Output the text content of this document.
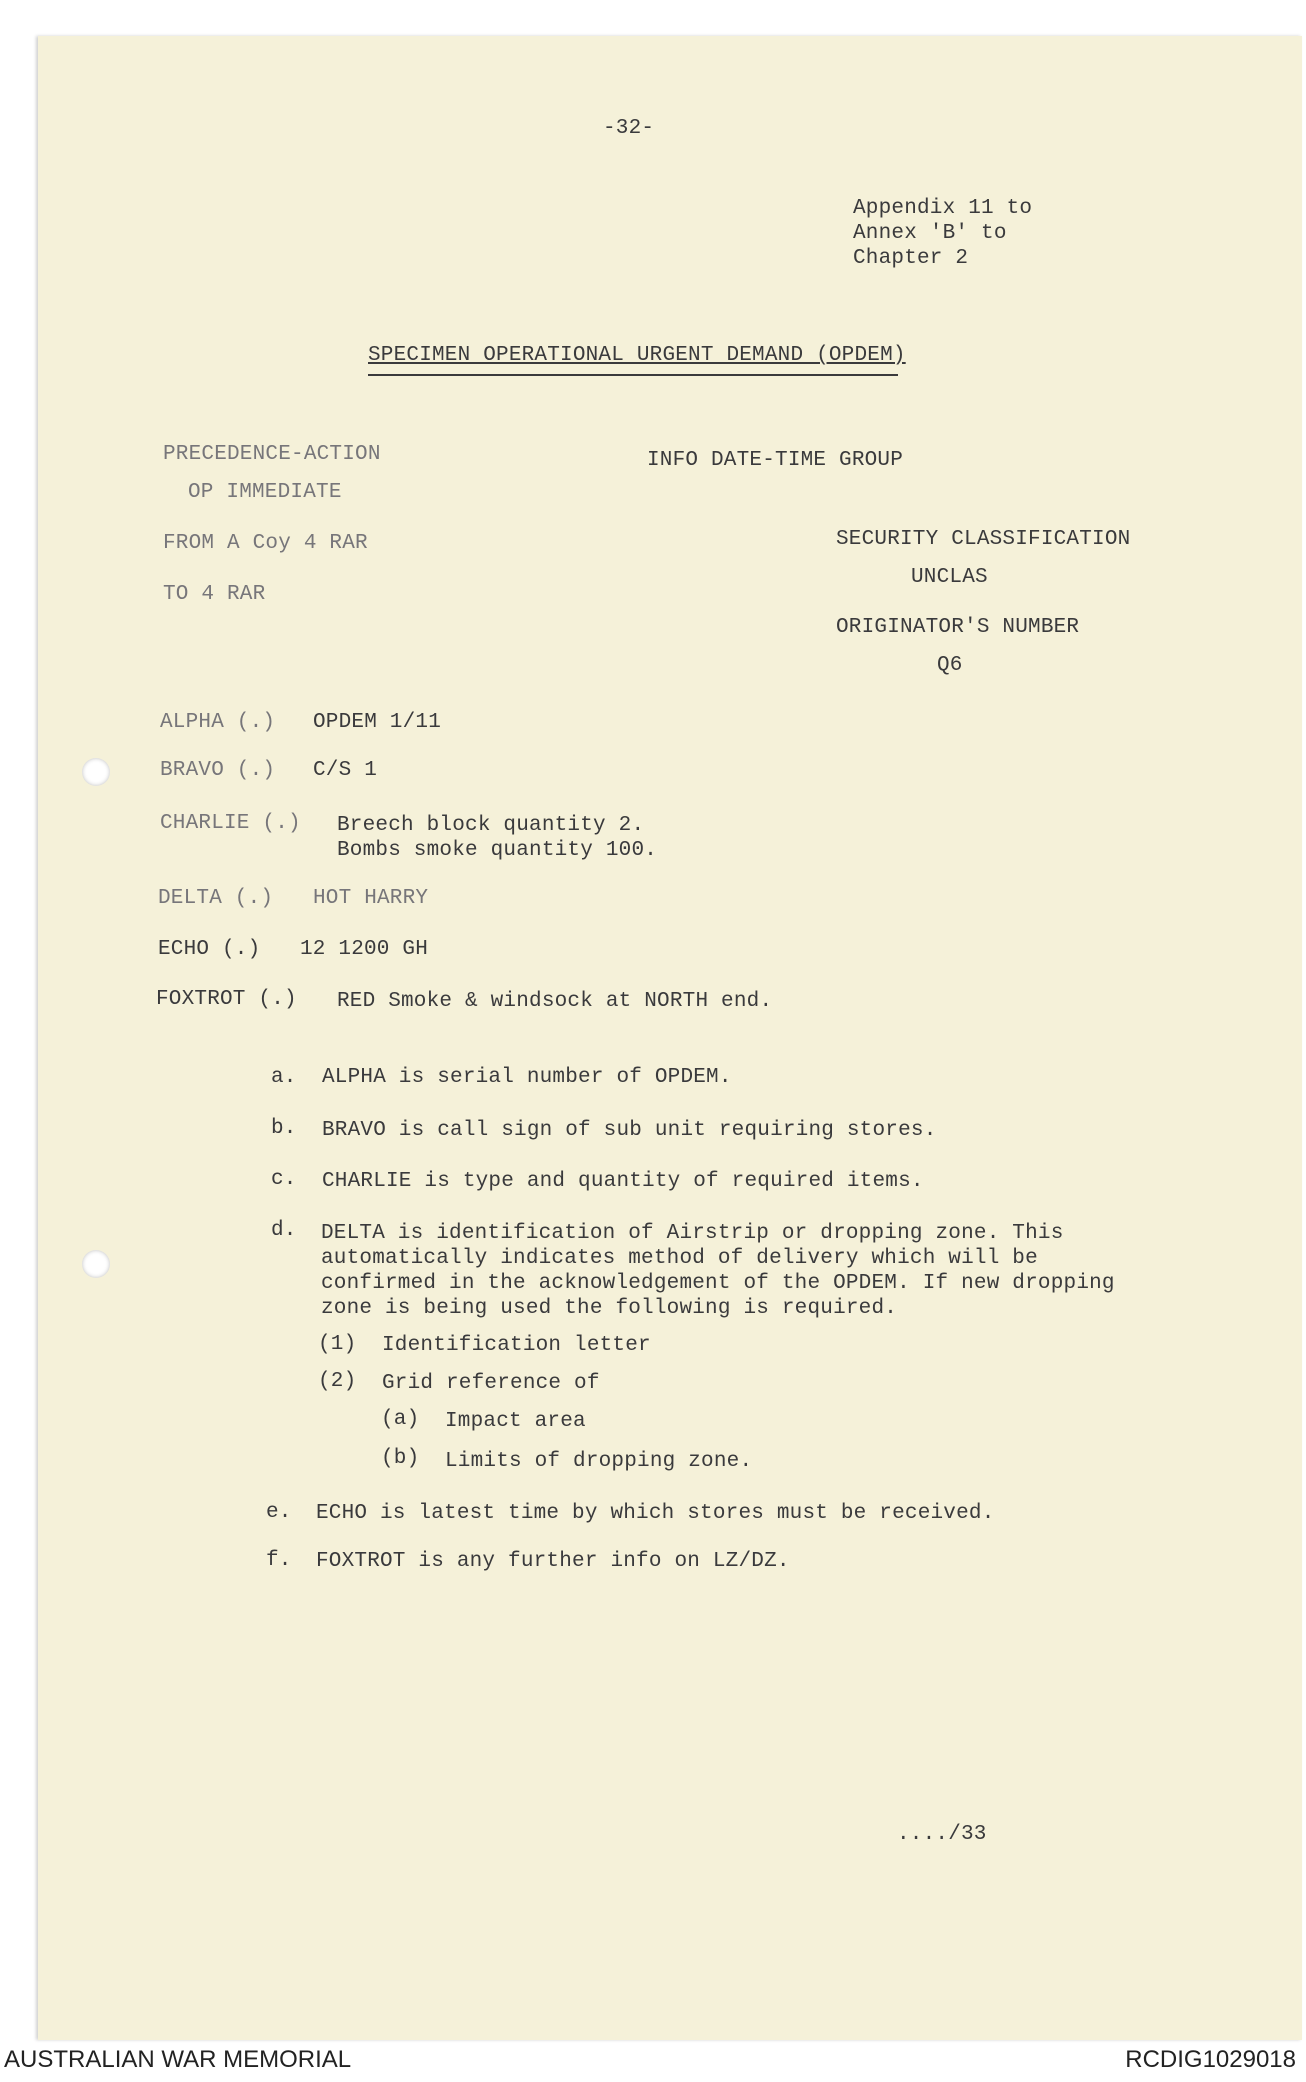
-32-
Appendix 11 to
Annex 'B' to
Chapter 2
SPECIMEN OPERATIONAL URGENT DEMAND (OPDEM)
PRECEDENCE-ACTION
OP IMMEDIATE
FROM A Coy 4 RAR
TO 4 RAR
INFO DATE-TIME GROUP
SECURITY CLASSIFICATION
UNCLAS
ORIGINATOR'S NUMBER
Q6
ALPHA (.) OPDEM 1/11
BRAVO (.) C/S 1
CHARLIE (.) Breech block quantity 2.
Bombs smoke quantity 100.
DELTA (.) HOT HARRY
ECHO (.) 12 1200 GH
FOXTROT (.) RED Smoke & windsock at NORTH end.
a. ALPHA is serial number of OPDEM.
b. BRAVO is call sign of sub unit requiring stores.
c. CHARLIE is type and quantity of required items.
d. DELTA is identification of Airstrip or dropping zone. This
automatically indicates method of delivery which will be
confirmed in the acknowledgement of the OPDEM. If new dropping
zone is being used the following is required.
(1) Identification letter
(2) Grid reference of
(a) Impact area
(b) Limits of dropping zone.
e. ECHO is latest time by which stores must be received.
f. FOXTROT is any further info on LZ/DZ.
..../33
AUSTRALIAN WAR MEMORIAL	RCDIG1029018
